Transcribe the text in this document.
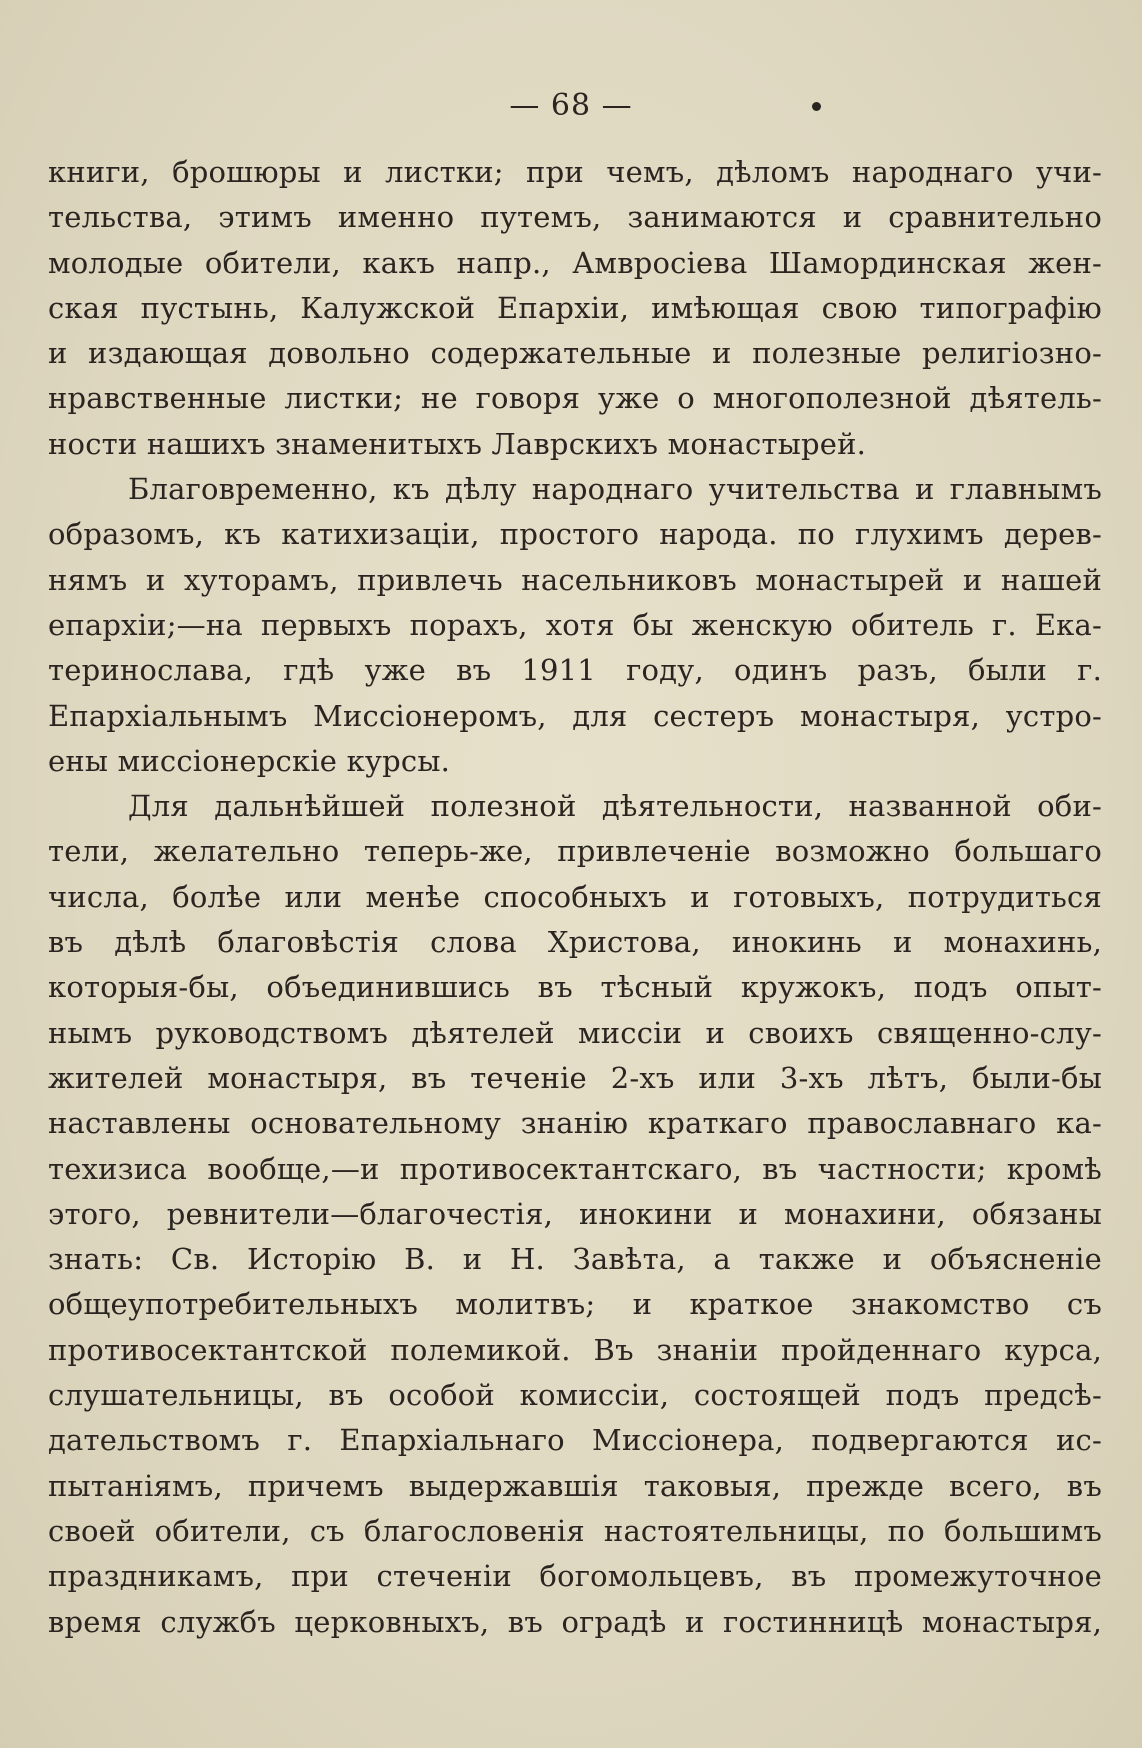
— 68 —
книги, брошюры и листки; при чемъ, дѣломъ народнаго учи-
тельства, этимъ именно путемъ, занимаются и сравнительно
молодые обители, какъ напр., Амвросiева Шамординская жен-
ская пустынь, Калужской Епархiи, имѣющая свою типографiю
и издающая довольно содержательные и полезные религiозно-
нравственные листки; не говоря уже о многополезной дѣятель-
ности нашихъ знаменитыхъ Лаврскихъ монастырей.
Благовременно, къ дѣлу народнаго учительства и главнымъ
образомъ, къ катихизацiи, простого народа. по глухимъ дерев-
нямъ и хуторамъ, привлечь насельниковъ монастырей и нашей
епархiи;—на первыхъ порахъ, хотя бы женскую обитель г. Ека-
теринослава, гдѣ уже въ 1911 году, одинъ разъ, были г.
Епархiальнымъ Миссiонеромъ, для сестеръ монастыря, устро-
ены миссiонерскiе курсы.
Для дальнѣйшей полезной дѣятельности, названной оби-
тели, желательно теперь-же, привлеченiе возможно большаго
числа, болѣе или менѣе способныхъ и готовыхъ, потрудиться
въ дѣлѣ благовѣстiя слова Христова, инокинь и монахинь,
которыя-бы, объединившись въ тѣсный кружокъ, подъ опыт-
нымъ руководствомъ дѣятелей миссiи и своихъ священно-слу-
жителей монастыря, въ теченiе 2-хъ или 3-хъ лѣтъ, были-бы
наставлены основательному знанiю краткаго православнаго ка-
техизиса вообще,—и противосектантскаго, въ частности; кромѣ
этого, ревнители—благочестiя, инокини и монахини, обязаны
знать: Св. Исторiю В. и Н. Завѣта, а также и объясненiе
общеупотребительныхъ молитвъ; и краткое знакомство съ
противосектантской полемикой. Въ знанiи пройденнаго курса,
слушательницы, въ особой комиссiи, состоящей подъ предсѣ-
дательствомъ г. Епархiальнаго Миссiонера, подвергаются ис-
пытанiямъ, причемъ выдержавшiя таковыя, прежде всего, въ
своей обители, съ благословенiя настоятельницы, по большимъ
праздникамъ, при стеченiи богомольцевъ, въ промежуточное
время службъ церковныхъ, въ оградѣ и гостинницѣ монастыря,
